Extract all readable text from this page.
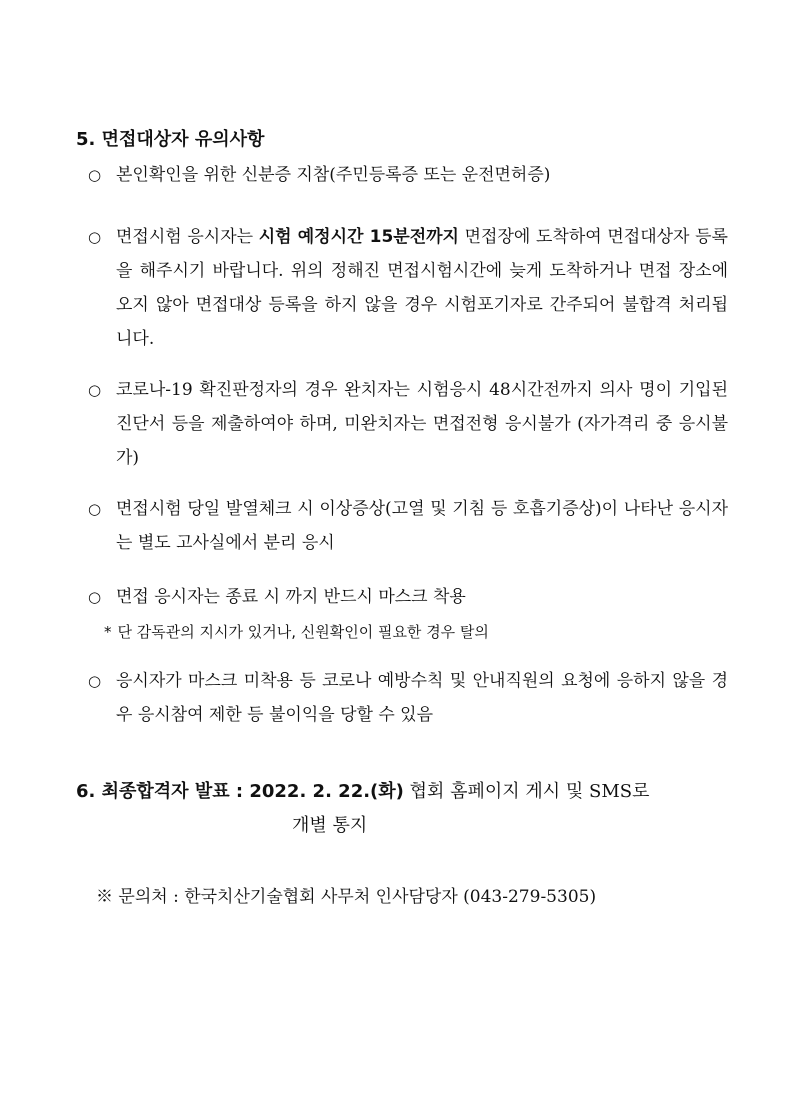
5. 면접대상자 유의사항
○ 본인확인을 위한 신분증 지참(주민등록증 또는 운전면허증)
○ 면접시험 응시자는 시험 예정시간 15분전까지 면접장에 도착하여 면접대상자 등록을 해주시기 바랍니다. 위의 정해진 면접시험시간에 늦게 도착하거나 면접 장소에 오지 않아 면접대상 등록을 하지 않을 경우 시험포기자로 간주되어 불합격 처리됩니다.
○ 코로나-19 확진판정자의 경우 완치자는 시험응시 48시간전까지 의사 명이 기입된 진단서 등을 제출하여야 하며, 미완치자는 면접전형 응시불가 (자가격리 중 응시불가)
○ 면접시험 당일 발열체크 시 이상증상(고열 및 기침 등 호흡기증상)이 나타난 응시자는 별도 고사실에서 분리 응시
○ 면접 응시자는 종료 시 까지 반드시 마스크 착용
* 단 감독관의 지시가 있거나, 신원확인이 필요한 경우 탈의
○ 응시자가 마스크 미착용 등 코로나 예방수칙 및 안내직원의 요청에 응하지 않을 경우 응시참여 제한 등 불이익을 당할 수 있음
6. 최종합격자 발표 : 2022. 2. 22.(화) 협회 홈페이지 게시 및 SMS로
개별 통지
※ 문의처 : 한국치산기술협회 사무처 인사담당자 (043-279-5305)
